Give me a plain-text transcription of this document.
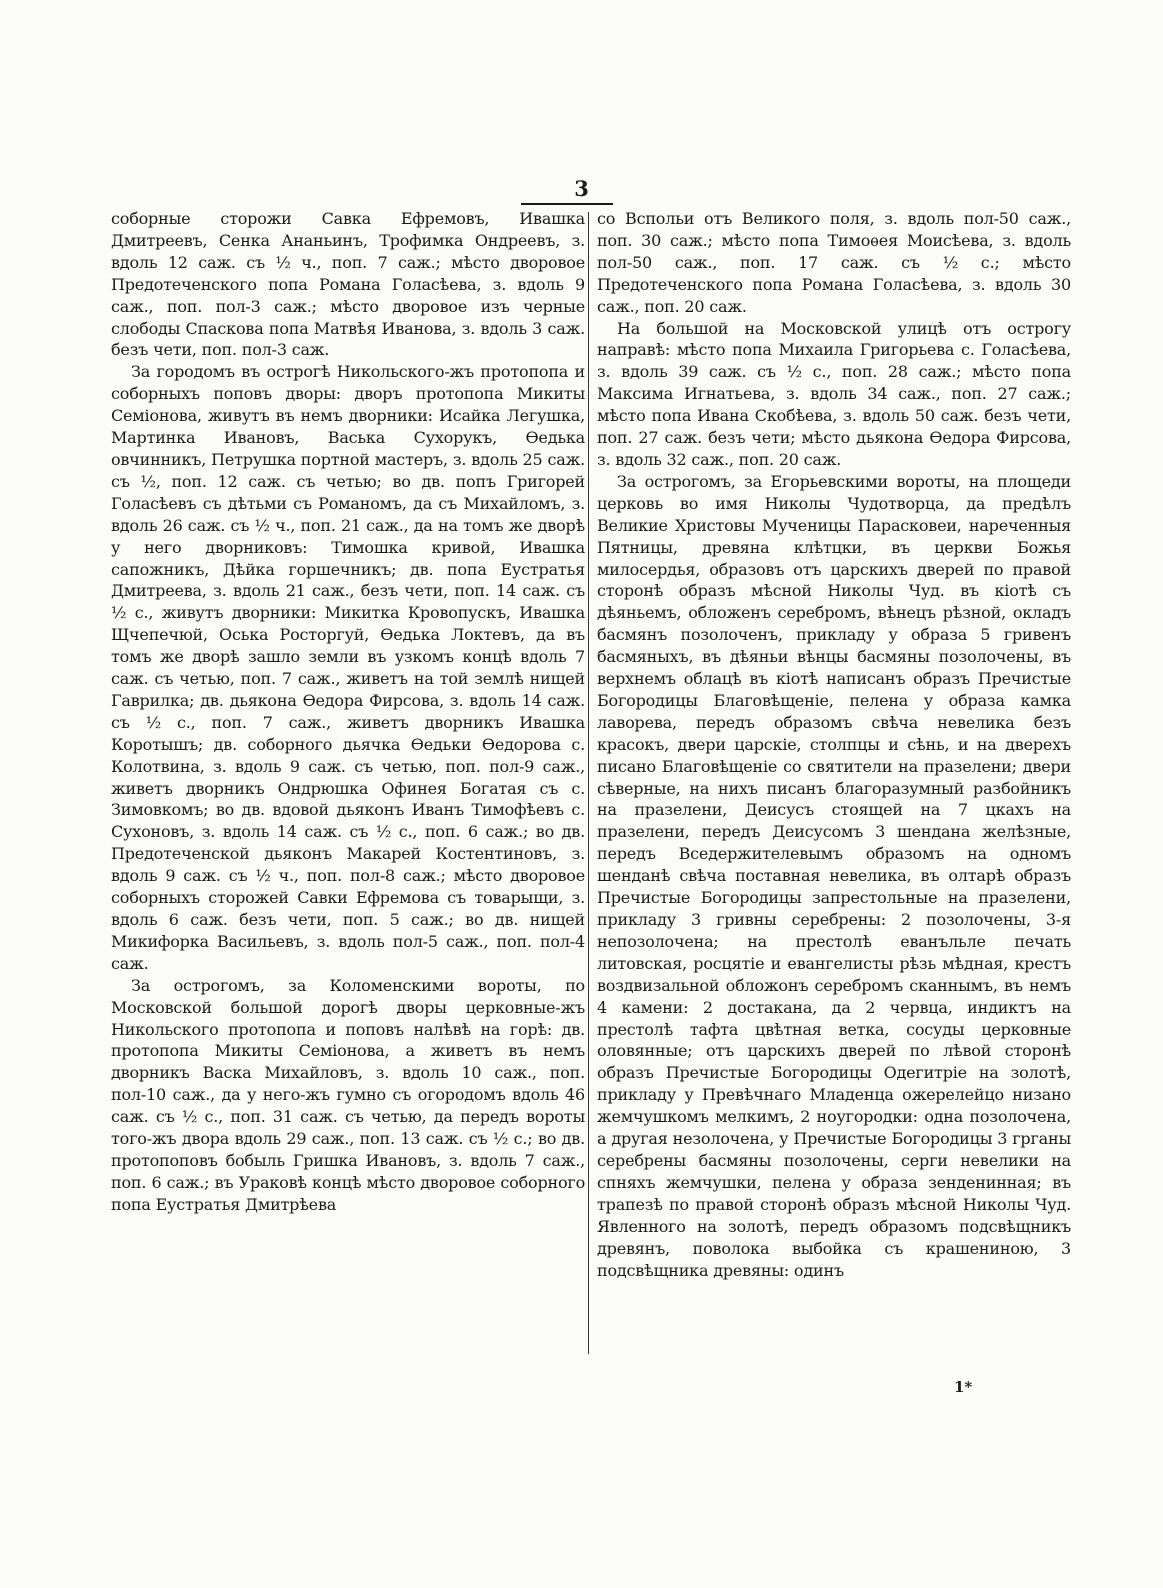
3

соборные сторожи Савка Ефремовъ, Ивашка Дмитреевъ, Сенка Ананьинъ, Трофимка Ондреевъ, з. вдоль 12 саж. съ ½ ч., поп. 7 саж.; мѣсто дворовое Предотеченского попа Романа Голасѣева, з. вдоль 9 саж., поп. пол-3 саж.; мѣсто дворовое изъ черные слободы Спаскова попа Матвѣя Иванова, з. вдоль 3 саж. безъ чети, поп. пол-3 саж.

За городомъ въ острогѣ Никольского-жъ протопопа и соборныхъ поповъ дворы: дворъ протопопа Микиты Семіонова, живутъ въ немъ дворники: Исайка Легушка, Мартинка Ивановъ, Васька Сухорукъ, Ѳедька овчинникъ, Петрушка портной мастеръ, з. вдоль 25 саж. съ ½, поп. 12 саж. съ четью; во дв. попъ Григорей Голасѣевъ съ дѣтьми съ Романомъ, да съ Михайломъ, з. вдоль 26 саж. съ ½ ч., поп. 21 саж., да на томъ же дворѣ у него дворниковъ: Тимошка кривой, Ивашка сапожникъ, Дѣйка горшечникъ; дв. попа Еустратья Дмитреева, з. вдоль 21 саж., безъ чети, поп. 14 саж. съ ½ с., живутъ дворники: Микитка Кровопускъ, Ивашка Щчепечюй, Оська Росторгуй, Ѳедька Локтевъ, да въ томъ же дворѣ зашло земли въ узкомъ концѣ вдоль 7 саж. съ четью, поп. 7 саж., живетъ на той землѣ нищей Гаврилка; дв. дьякона Ѳедора Фирсова, з. вдоль 14 саж. съ ½ с., поп. 7 саж., живетъ дворникъ Ивашка Коротышъ; дв. соборного дьячка Ѳедьки Ѳедорова с. Колотвина, з. вдоль 9 саж. съ четью, поп. пол-9 саж., живетъ дворникъ Ондрюшка Офинея Богатая съ с. Зимовкомъ; во дв. вдовой дьяконъ Иванъ Тимофѣевъ с. Сухоновъ, з. вдоль 14 саж. съ ½ с., поп. 6 саж.; во дв. Предотеченской дьяконъ Макарей Костентиновъ, з. вдоль 9 саж. съ ½ ч., поп. пол-8 саж.; мѣсто дворовое соборныхъ сторожей Савки Ефремова съ товарыщи, з. вдоль 6 саж. безъ чети, поп. 5 саж.; во дв. нищей Микифорка Васильевъ, з. вдоль пол-5 саж., поп. пол-4 саж.

За острогомъ, за Коломенскими вороты, по Московской большой дорогѣ дворы церковные-жъ Никольского протопопа и поповъ налѣвѣ на горѣ: дв. протопопа Микиты Семіонова, а живетъ въ немъ дворникъ Васка Михайловъ, з. вдоль 10 саж., поп. пол-10 саж., да у него-жъ гумно съ огородомъ вдоль 46 саж. съ ½ с., поп. 31 саж. съ четью, да передъ вороты того-жъ двора вдоль 29 саж., поп. 13 саж. съ ½ с.; во дв. протопоповъ бобыль Гришка Ивановъ, з. вдоль 7 саж., поп. 6 саж.; въ Ураковѣ концѣ мѣсто дворовое соборного попа Еустратья Дмитрѣева

со Вспольи отъ Великого поля, з. вдоль пол-50 саж., поп. 30 саж.; мѣсто попа Тимоѳея Моисѣева, з. вдоль пол-50 саж., поп. 17 саж. съ ½ с.; мѣсто Предотеченского попа Романа Голасѣева, з. вдоль 30 саж., поп. 20 саж.

На большой на Московской улицѣ отъ острогу направѣ: мѣсто попа Михаила Григорьева с. Голасѣева, з. вдоль 39 саж. съ ½ с., поп. 28 саж.; мѣсто попа Максима Игнатьева, з. вдоль 34 саж., поп. 27 саж.; мѣсто попа Ивана Скобѣева, з. вдоль 50 саж. безъ чети, поп. 27 саж. безъ чети; мѣсто дьякона Ѳедора Фирсова, з. вдоль 32 саж., поп. 20 саж.

За острогомъ, за Егорьевскими вороты, на площеди церковь во имя Николы Чудотворца, да предѣлъ Великие Христовы Мученицы Парасковеи, нареченныя Пятницы, древяна клѣтцки, въ церкви Божья милосердья, образовъ отъ царскихъ дверей по правой сторонѣ образъ мѣсной Николы Чуд. въ кіотѣ съ дѣяньемъ, обложенъ серебромъ, вѣнецъ рѣзной, окладъ басмянъ позолоченъ, прикладу у образа 5 гривенъ басмяныхъ, въ дѣяньи вѣнцы басмяны позолочены, въ верхнемъ облацѣ въ кіотѣ написанъ образъ Пречистые Богородицы Благовѣщеніе, пелена у образа камка лаворева, передъ образомъ свѣча невелика безъ красокъ, двери царскіе, столпцы и сѣнь, и на дверехъ писано Благовѣщеніе со святители на празелени; двери сѣверные, на нихъ писанъ благоразумный разбойникъ на празелени, Деисусъ стоящей на 7 цкахъ на празелени, передъ Деисусомъ 3 шендана желѣзные, передъ Вседержителевымъ образомъ на одномъ шенданѣ свѣча поставная невелика, въ олтарѣ образъ Пречистые Богородицы запрестольные на празелени, прикладу 3 гривны серебрены: 2 позолочены, 3-я непозолочена; на престолѣ еванъльле печать литовская, росцятіе и евангелисты рѣзь мѣдная, крестъ воздвизальной обложонъ серебромъ сканнымъ, въ немъ 4 камени: 2 достакана, да 2 червца, индиктъ на престолѣ тафта цвѣтная ветка, сосуды церковные оловянные; отъ царскихъ дверей по лѣвой сторонѣ образъ Пречистые Богородицы Одегитріе на золотѣ, прикладу у Превѣчнаго Младенца ожерелейцо низано жемчушкомъ мелкимъ, 2 ноугородки: одна позолочена, а другая незолочена, у Пречистые Богородицы 3 грганы серебрены басмяны позолочены, серги невелики на спняхъ жемчушки, пелена у образа зенденинная; въ трапезѣ по правой сторонѣ образъ мѣсной Николы Чуд. Явленного на золотѣ, передъ образомъ подсвѣщникъ древянъ, поволока выбойка съ крашениною, 3 подсвѣщника древяны: одинъ

1*
